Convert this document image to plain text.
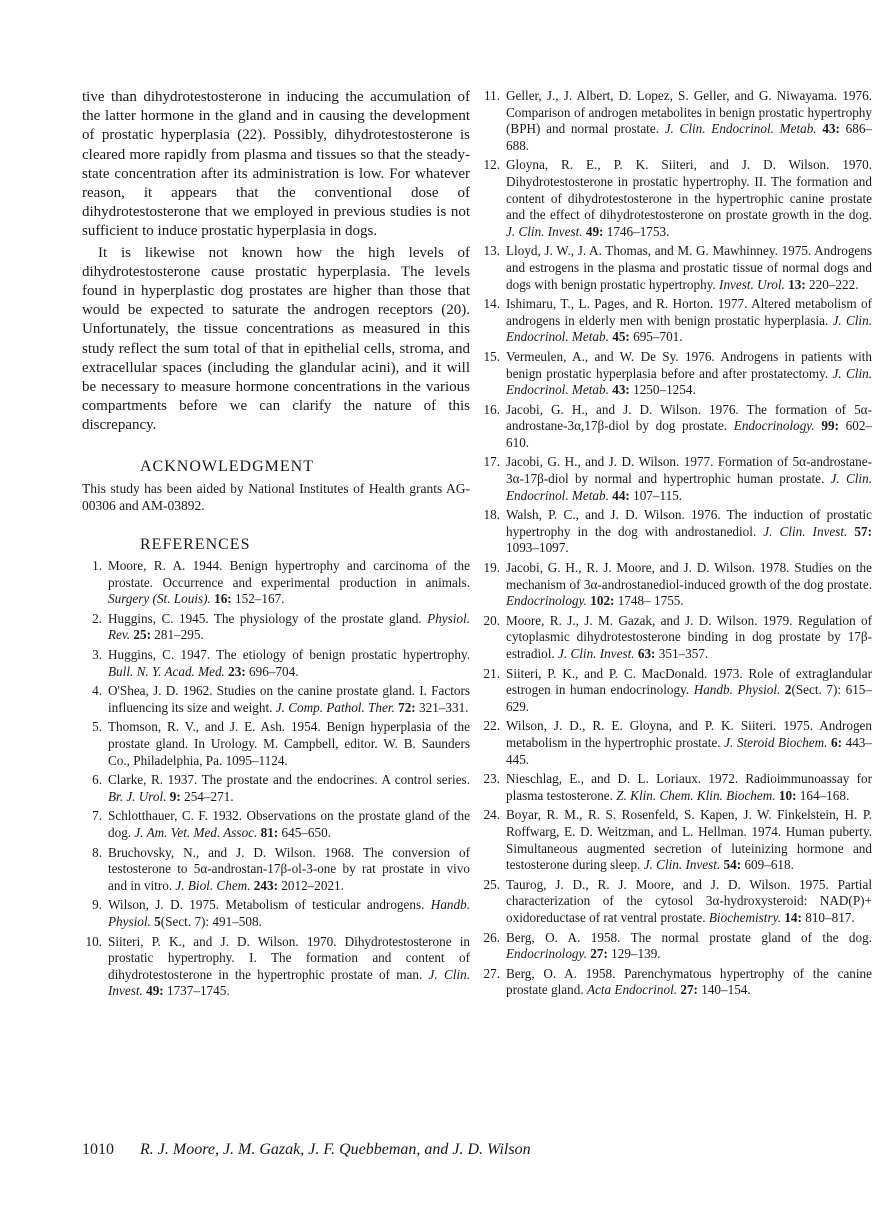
tive than dihydrotestosterone in inducing the accumulation of the latter hormone in the gland and in causing the development of prostatic hyperplasia (22). Possibly, dihydrotestosterone is cleared more rapidly from plasma and tissues so that the steady-state concentration after its administration is low. For whatever reason, it appears that the conventional dose of dihydrotestosterone that we employed in previous studies is not sufficient to induce prostatic hyperplasia in dogs.

It is likewise not known how the high levels of dihydrotestosterone cause prostatic hyperplasia. The levels found in hyperplastic dog prostates are higher than those that would be expected to saturate the androgen receptors (20). Unfortunately, the tissue concentrations as measured in this study reflect the sum total of that in epithelial cells, stroma, and extracellular spaces (including the glandular acini), and it will be necessary to measure hormone concentrations in the various compartments before we can clarify the nature of this discrepancy.

ACKNOWLEDGMENT

This study has been aided by National Institutes of Health grants AG-00306 and AM-03892.

REFERENCES
1. Moore, R. A. 1944. Benign hypertrophy and carcinoma of the prostate. Occurrence and experimental production in animals. Surgery (St. Louis). 16: 152–167.
2. Huggins, C. 1945. The physiology of the prostate gland. Physiol. Rev. 25: 281–295.
3. Huggins, C. 1947. The etiology of benign prostatic hypertrophy. Bull. N. Y. Acad. Med. 23: 696–704.
4. O'Shea, J. D. 1962. Studies on the canine prostate gland. I. Factors influencing its size and weight. J. Comp. Pathol. Ther. 72: 321–331.
5. Thomson, R. V., and J. E. Ash. 1954. Benign hyperplasia of the prostate gland. In Urology. M. Campbell, editor. W. B. Saunders Co., Philadelphia, Pa. 1095–1124.
6. Clarke, R. 1937. The prostate and the endocrines. A control series. Br. J. Urol. 9: 254–271.
7. Schlotthauer, C. F. 1932. Observations on the prostate gland of the dog. J. Am. Vet. Med. Assoc. 81: 645–650.
8. Bruchovsky, N., and J. D. Wilson. 1968. The conversion of testosterone to 5α-androstan-17β-ol-3-one by rat prostate in vivo and in vitro. J. Biol. Chem. 243: 2012–2021.
9. Wilson, J. D. 1975. Metabolism of testicular androgens. Handb. Physiol. 5(Sect. 7): 491–508.
10. Siiteri, P. K., and J. D. Wilson. 1970. Dihydrotestosterone in prostatic hypertrophy. I. The formation and content of dihydrotestosterone in the hypertrophic prostate of man. J. Clin. Invest. 49: 1737–1745.
11. Geller, J., J. Albert, D. Lopez, S. Geller, and G. Niwayama. 1976. Comparison of androgen metabolites in benign prostatic hypertrophy (BPH) and normal prostate. J. Clin. Endocrinol. Metab. 43: 686–688.
12. Gloyna, R. E., P. K. Siiteri, and J. D. Wilson. 1970. Dihydrotestosterone in prostatic hypertrophy. II. The formation and content of dihydrotestosterone in the hypertrophic canine prostate and the effect of dihydrotestosterone on prostate growth in the dog. J. Clin. Invest. 49: 1746–1753.
13. Lloyd, J. W., J. A. Thomas, and M. G. Mawhinney. 1975. Androgens and estrogens in the plasma and prostatic tissue of normal dogs and dogs with benign prostatic hypertrophy. Invest. Urol. 13: 220–222.
14. Ishimaru, T., L. Pages, and R. Horton. 1977. Altered metabolism of androgens in elderly men with benign prostatic hyperplasia. J. Clin. Endocrinol. Metab. 45: 695–701.
15. Vermeulen, A., and W. De Sy. 1976. Androgens in patients with benign prostatic hyperplasia before and after prostatectomy. J. Clin. Endocrinol. Metab. 43: 1250–1254.
16. Jacobi, G. H., and J. D. Wilson. 1976. The formation of 5α-androstane-3α,17β-diol by dog prostate. Endocrinology. 99: 602–610.
17. Jacobi, G. H., and J. D. Wilson. 1977. Formation of 5α-androstane-3α-17β-diol by normal and hypertrophic human prostate. J. Clin. Endocrinol. Metab. 44: 107–115.
18. Walsh, P. C., and J. D. Wilson. 1976. The induction of prostatic hypertrophy in the dog with androstanediol. J. Clin. Invest. 57: 1093–1097.
19. Jacobi, G. H., R. J. Moore, and J. D. Wilson. 1978. Studies on the mechanism of 3α-androstanediol-induced growth of the dog prostate. Endocrinology. 102: 1748– 1755.
20. Moore, R. J., J. M. Gazak, and J. D. Wilson. 1979. Regulation of cytoplasmic dihydrotestosterone binding in dog prostate by 17β-estradiol. J. Clin. Invest. 63: 351–357.
21. Siiteri, P. K., and P. C. MacDonald. 1973. Role of extraglandular estrogen in human endocrinology. Handb. Physiol. 2(Sect. 7): 615–629.
22. Wilson, J. D., R. E. Gloyna, and P. K. Siiteri. 1975. Androgen metabolism in the hypertrophic prostate. J. Steroid Biochem. 6: 443–445.
23. Nieschlag, E., and D. L. Loriaux. 1972. Radioimmunoassay for plasma testosterone. Z. Klin. Chem. Klin. Biochem. 10: 164–168.
24. Boyar, R. M., R. S. Rosenfeld, S. Kapen, J. W. Finkelstein, H. P. Roffwarg, E. D. Weitzman, and L. Hellman. 1974. Human puberty. Simultaneous augmented secretion of luteinizing hormone and testosterone during sleep. J. Clin. Invest. 54: 609–618.
25. Taurog, J. D., R. J. Moore, and J. D. Wilson. 1975. Partial characterization of the cytosol 3α-hydroxysteroid: NAD(P)+ oxidoreductase of rat ventral prostate. Biochemistry. 14: 810–817.
26. Berg, O. A. 1958. The normal prostate gland of the dog. Endocrinology. 27: 129–139.
27. Berg, O. A. 1958. Parenchymatous hypertrophy of the canine prostate gland. Acta Endocrinol. 27: 140–154.
1010 R. J. Moore, J. M. Gazak, J. F. Quebbeman, and J. D. Wilson
